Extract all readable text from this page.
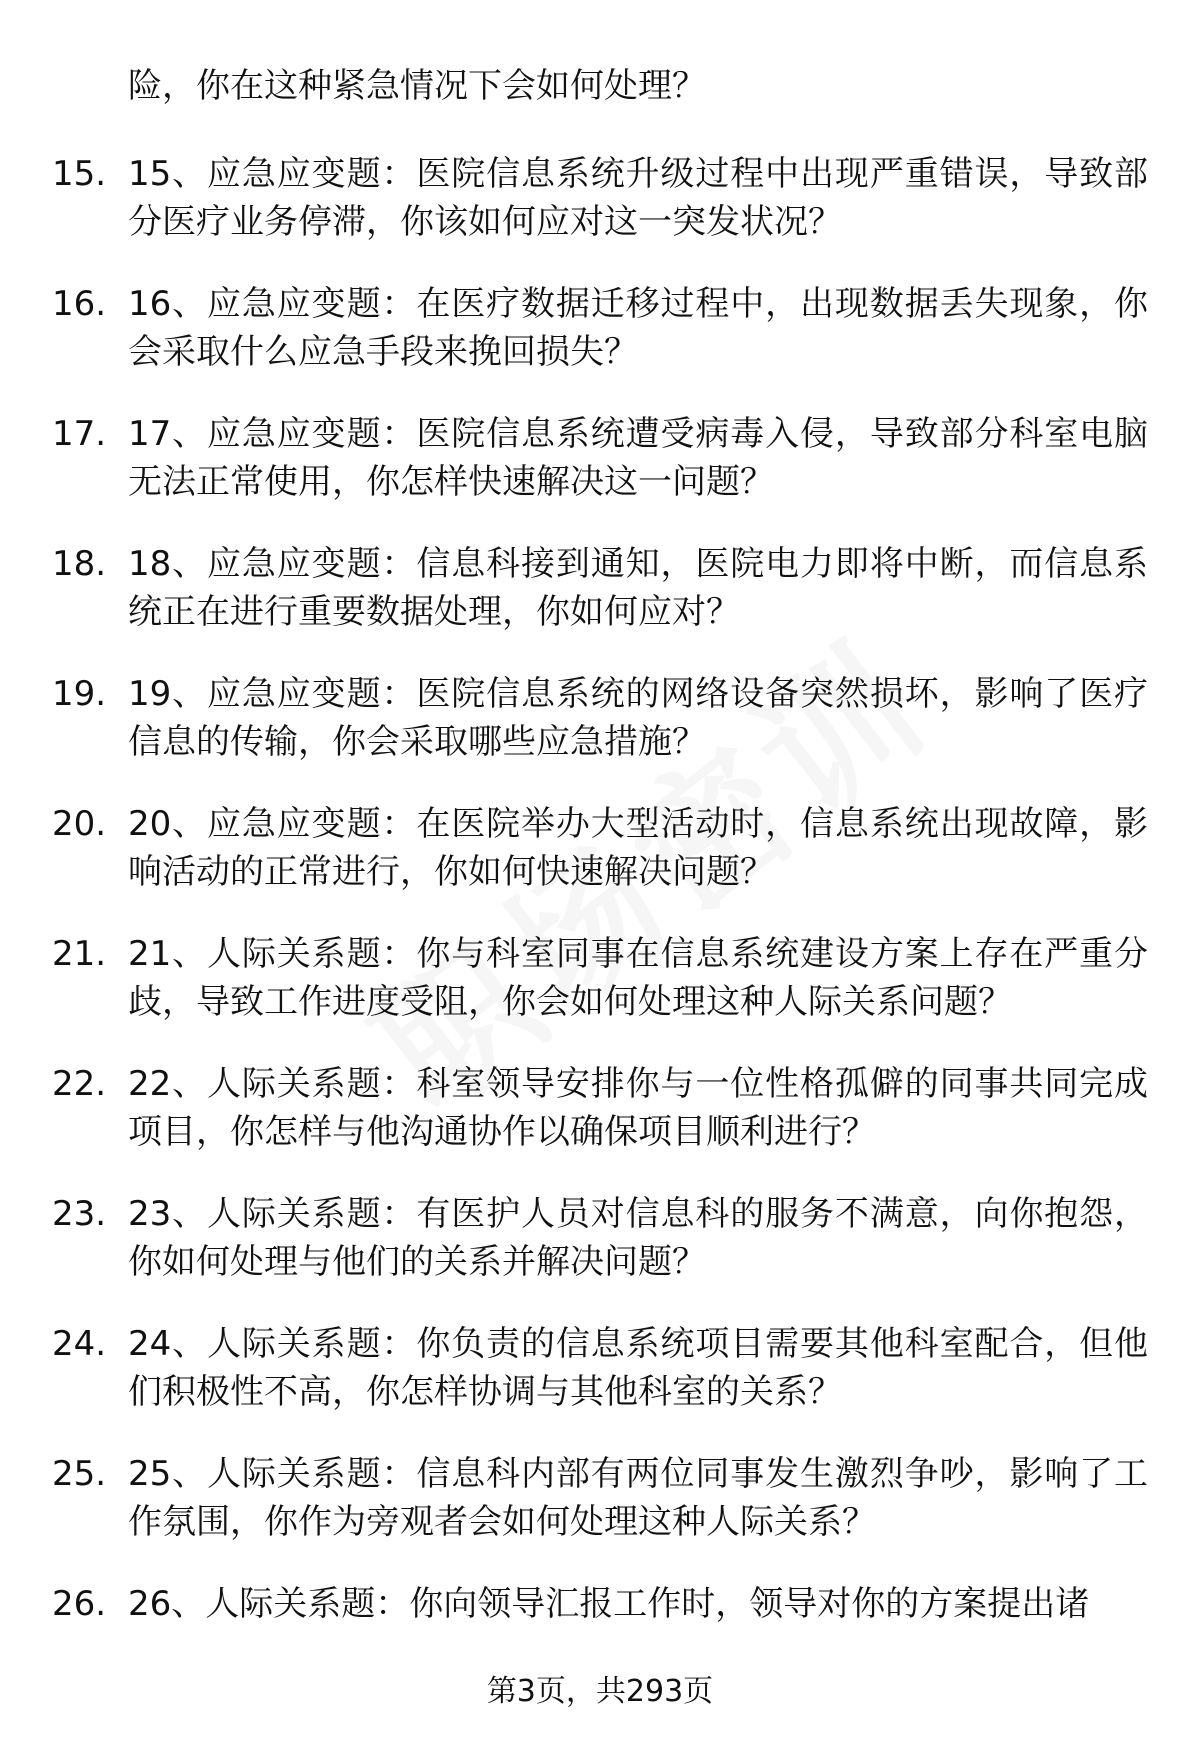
险，你在这种紧急情况下会如何处理？
15. 15、应急应变题：医院信息系统升级过程中出现严重错误，导致部分医疗业务停滞，你该如何应对这一突发状况？
16. 16、应急应变题：在医疗数据迁移过程中，出现数据丢失现象，你会采取什么应急手段来挽回损失？
17. 17、应急应变题：医院信息系统遭受病毒入侵，导致部分科室电脑无法正常使用，你怎样快速解决这一问题？
18. 18、应急应变题：信息科接到通知，医院电力即将中断，而信息系统正在进行重要数据处理，你如何应对？
19. 19、应急应变题：医院信息系统的网络设备突然损坏，影响了医疗信息的传输，你会采取哪些应急措施？
20. 20、应急应变题：在医院举办大型活动时，信息系统出现故障，影响活动的正常进行，你如何快速解决问题？
21. 21、人际关系题：你与科室同事在信息系统建设方案上存在严重分歧，导致工作进度受阻，你会如何处理这种人际关系问题？
22. 22、人际关系题：科室领导安排你与一位性格孤僻的同事共同完成项目，你怎样与他沟通协作以确保项目顺利进行？
23. 23、人际关系题：有医护人员对信息科的服务不满意，向你抱怨，你如何处理与他们的关系并解决问题？
24. 24、人际关系题：你负责的信息系统项目需要其他科室配合，但他们积极性不高，你怎样协调与其他科室的关系？
25. 25、人际关系题：信息科内部有两位同事发生激烈争吵，影响了工作氛围，你作为旁观者会如何处理这种人际关系？
26. 26、人际关系题：你向领导汇报工作时，领导对你的方案提出诸
第3页，共293页
